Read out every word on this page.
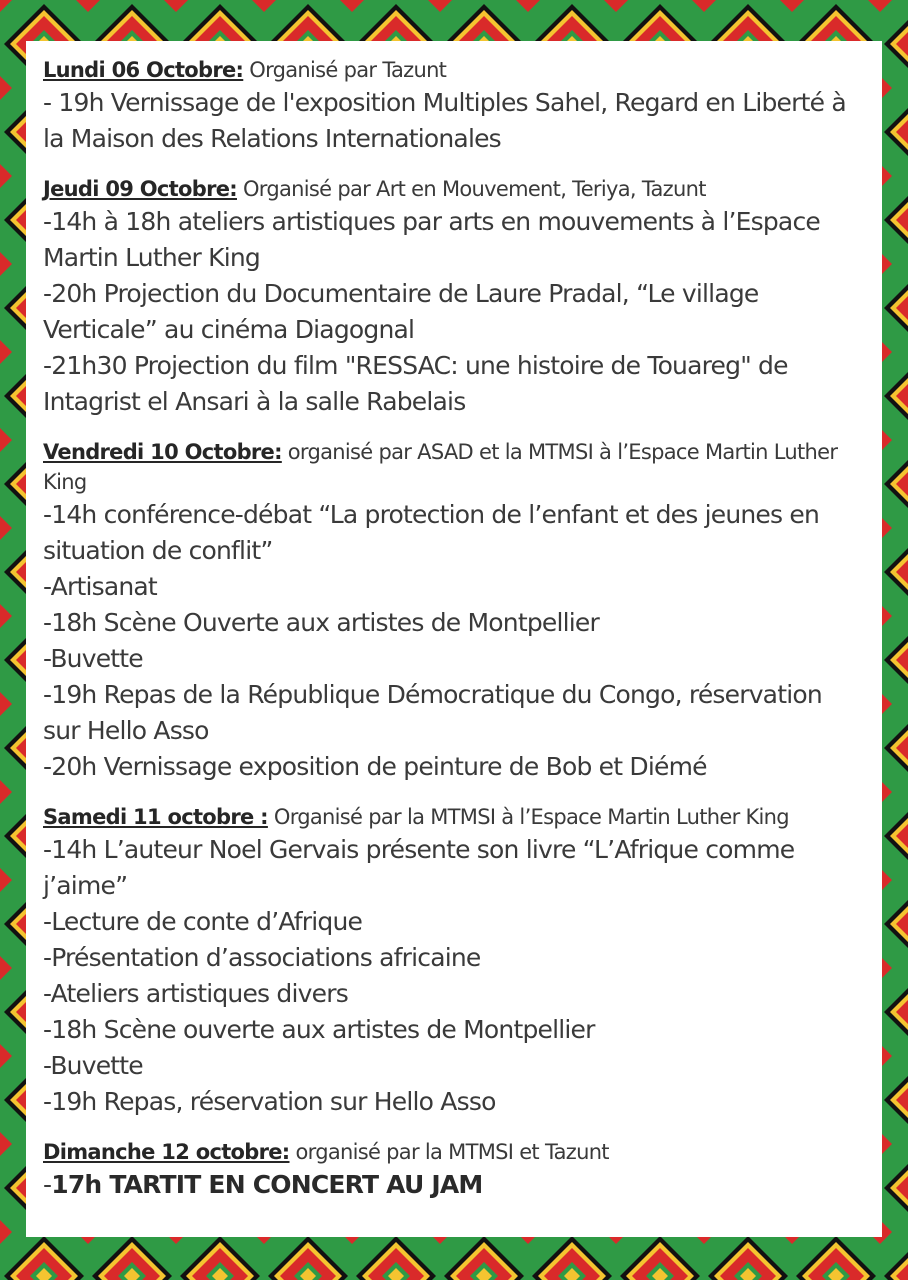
Lundi 06 Octobre: Organisé par Tazunt

- 19h Vernissage de l'exposition Multiples Sahel, Regard en Liberté à la Maison des Relations Internationales

Jeudi 09 Octobre: Organisé par Art en Mouvement, Teriya, Tazunt

-14h à 18h ateliers artistiques par arts en mouvements à l’Espace Martin Luther King

-20h Projection du Documentaire de Laure Pradal, “Le village Verticale” au cinéma Diagognal

-21h30 Projection du film "RESSAC: une histoire de Touareg" de Intagrist el Ansari à la salle Rabelais

Vendredi 10 Octobre: organisé par ASAD et la MTMSI à l’Espace Martin Luther King

-14h conférence-débat “La protection de l’enfant et des jeunes en situation de conflit”

-Artisanat

-18h Scène Ouverte aux artistes de Montpellier

-Buvette

-19h Repas de la République Démocratique du Congo, réservation sur Hello Asso

-20h Vernissage exposition de peinture de Bob et Diémé

Samedi 11 octobre : Organisé par la MTMSI à l’Espace Martin Luther King

-14h L’auteur Noel Gervais présente son livre “L’Afrique comme j’aime”

-Lecture de conte d’Afrique

-Présentation d’associations africaine

-Ateliers artistiques divers

-18h Scène ouverte aux artistes de Montpellier

-Buvette

-19h Repas, réservation sur Hello Asso

Dimanche 12 octobre: organisé par la MTMSI et Tazunt

-17h TARTIT EN CONCERT AU JAM
